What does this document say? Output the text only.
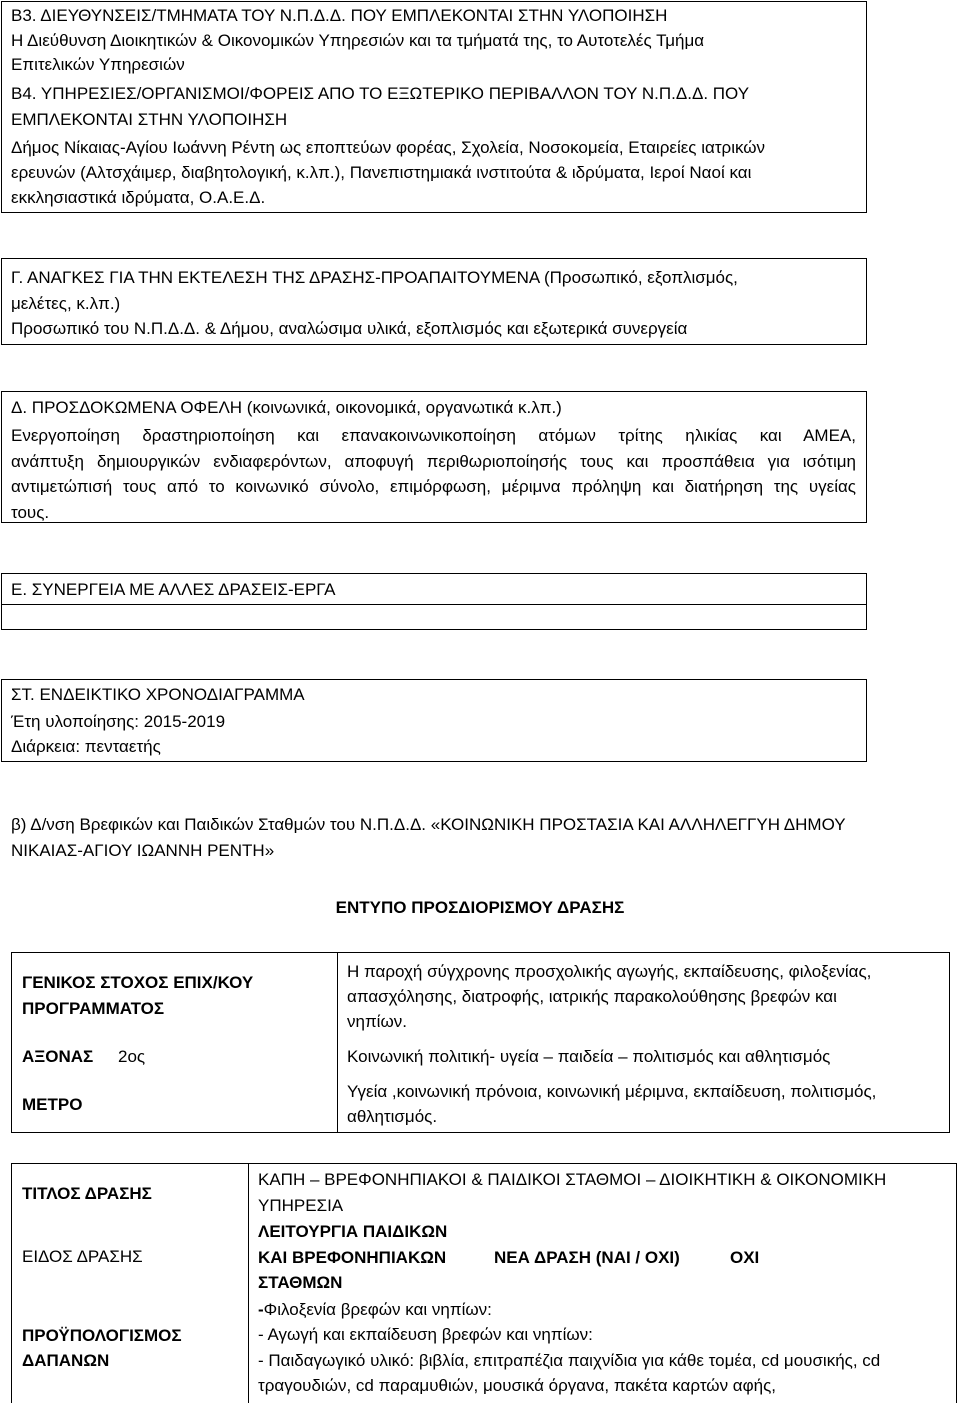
Β3. ΔΙΕΥΘΥΝΣΕΙΣ/ΤΜΗΜΑΤΑ ΤΟΥ Ν.Π.Δ.Δ. ΠΟΥ ΕΜΠΛΕΚΟΝΤΑΙ ΣΤΗΝ ΥΛΟΠΟΙΗΣΗ
Η Διεύθυνση Διοικητικών & Οικονομικών Υπηρεσιών και τα τμήματά της, το Αυτοτελές Τμήμα
Επιτελικών Υπηρεσιών
Β4. ΥΠΗΡΕΣΙΕΣ/ΟΡΓΑΝΙΣΜΟΙ/ΦΟΡΕΙΣ ΑΠΟ ΤΟ ΕΞΩΤΕΡΙΚΟ ΠΕΡΙΒΑΛΛΟΝ ΤΟΥ Ν.Π.Δ.Δ. ΠΟΥ
ΕΜΠΛΕΚΟΝΤΑΙ ΣΤΗΝ ΥΛΟΠΟΙΗΣΗ
Δήμος Νίκαιας-Αγίου Ιωάννη Ρέντη ως εποπτεύων φορέας, Σχολεία, Νοσοκομεία, Εταιρείες ιατρικών
ερευνών (Αλτσχάιμερ, διαβητολογική, κ.λπ.), Πανεπιστημιακά ινστιτούτα & ιδρύματα, Ιεροί Ναοί και
εκκλησιαστικά ιδρύματα, Ο.Α.Ε.Δ.
Γ. ΑΝΑΓΚΕΣ ΓΙΑ ΤΗΝ ΕΚΤΕΛΕΣΗ ΤΗΣ ΔΡΑΣΗΣ-ΠΡΟΑΠΑΙΤΟΥΜΕΝΑ (Προσωπικό, εξοπλισμός,
μελέτες, κ.λπ.)
Προσωπικό του Ν.Π.Δ.Δ. & Δήμου, αναλώσιμα υλικά, εξοπλισμός και εξωτερικά συνεργεία
Δ. ΠΡΟΣΔΟΚΩΜΕΝΑ ΟΦΕΛΗ (κοινωνικά, οικονομικά, οργανωτικά κ.λπ.)
Ενεργοποίηση δραστηριοποίηση και επανακοινωνικοποίηση ατόμων τρίτης ηλικίας και ΑΜΕΑ,
ανάπτυξη δημιουργικών ενδιαφερόντων, αποφυγή περιθωριοποίησής τους και προσπάθεια για ισότιμη
αντιμετώπισή τους από το κοινωνικό σύνολο, επιμόρφωση, μέριμνα πρόληψη και διατήρηση της υγείας
τους.
Ε. ΣΥΝΕΡΓΕΙΑ ΜΕ ΑΛΛΕΣ ΔΡΑΣΕΙΣ-ΕΡΓΑ
ΣΤ. ΕΝΔΕΙΚΤΙΚΟ ΧΡΟΝΟΔΙΑΓΡΑΜΜΑ
Έτη υλοποίησης: 2015-2019
Διάρκεια: πενταετής
β) Δ/νση Βρεφικών και Παιδικών Σταθμών του Ν.Π.Δ.Δ. «ΚΟΙΝΩΝΙΚΗ ΠΡΟΣΤΑΣΙΑ ΚΑΙ ΑΛΛΗΛΕΓΓΥΗ ΔΗΜΟΥ
ΝΙΚΑΙΑΣ-ΑΓΙΟΥ ΙΩΑΝΝΗ ΡΕΝΤΗ»
ΕΝΤΥΠΟ ΠΡΟΣΔΙΟΡΙΣΜΟΥ ΔΡΑΣΗΣ
ΓΕΝΙΚΟΣ ΣΤΟΧΟΣ ΕΠΙΧ/ΚΟΥ
ΠΡΟΓΡΑΜΜΑΤΟΣ
Η παροχή σύγχρονης προσχολικής αγωγής, εκπαίδευσης, φιλοξενίας,
απασχόλησης, διατροφής, ιατρικής παρακολούθησης βρεφών και
νηπίων.
ΑΞΟΝΑΣ 2ος	Κοινωνική πολιτική- υγεία – παιδεία – πολιτισμός και αθλητισμός
ΜΕΤΡΟ
Υγεία ,κοινωνική πρόνοια, κοινωνική μέριμνα, εκπαίδευση, πολιτισμός,
αθλητισμός.
ΤΙΤΛΟΣ ΔΡΑΣΗΣ
ΚΑΠΗ – ΒΡΕΦΟΝΗΠΙΑΚΟΙ & ΠΑΙΔΙΚΟΙ ΣΤΑΘΜΟΙ – ΔΙΟΙΚΗΤΙΚΗ & ΟΙΚΟΝΟΜΙΚΗ
ΥΠΗΡΕΣΙΑ
ΕΙΔΟΣ ΔΡΑΣΗΣ
ΛΕΙΤΟΥΡΓΙΑ ΠΑΙΔΙΚΩΝ
ΚΑΙ ΒΡΕΦΟΝΗΠΙΑΚΩΝ
ΣΤΑΘΜΩΝ
ΝΕΑ ΔΡΑΣΗ (ΝΑΙ / ΟΧΙ)	ΟΧΙ
ΠΡΟΫΠΟΛΟΓΙΣΜΟΣ
ΔΑΠΑΝΩΝ
-Φιλοξενία βρεφών και νηπίων:
- Αγωγή και εκπαίδευση βρεφών και νηπίων:
- Παιδαγωγικό υλικό: βιβλία, επιτραπέζια παιχνίδια για κάθε τομέα, cd μουσικής, cd
τραγουδιών, cd παραμυθιών, μουσικά όργανα, πακέτα καρτών αφής,
